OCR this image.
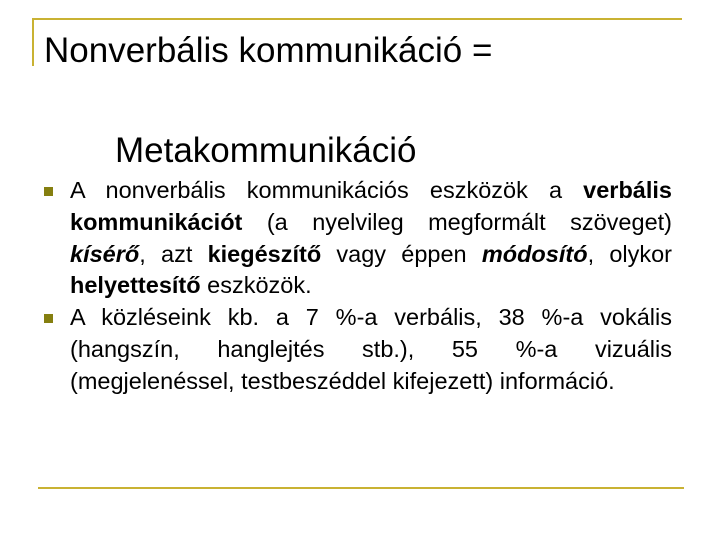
Nonverbális kommunikáció =
Metakommunikáció
A nonverbális kommunikációs eszközök a verbális kommunikációt (a nyelvileg megformált szöveget) kísérő, azt kiegészítő vagy éppen módosító, olykor helyettesítő eszközök.
A közléseink kb. a 7 %-a verbális, 38 %-a vokális (hangszín, hanglejtés stb.), 55 %-a vizuális (megjelenéssel, testbeszéddel kifejezett) információ.
